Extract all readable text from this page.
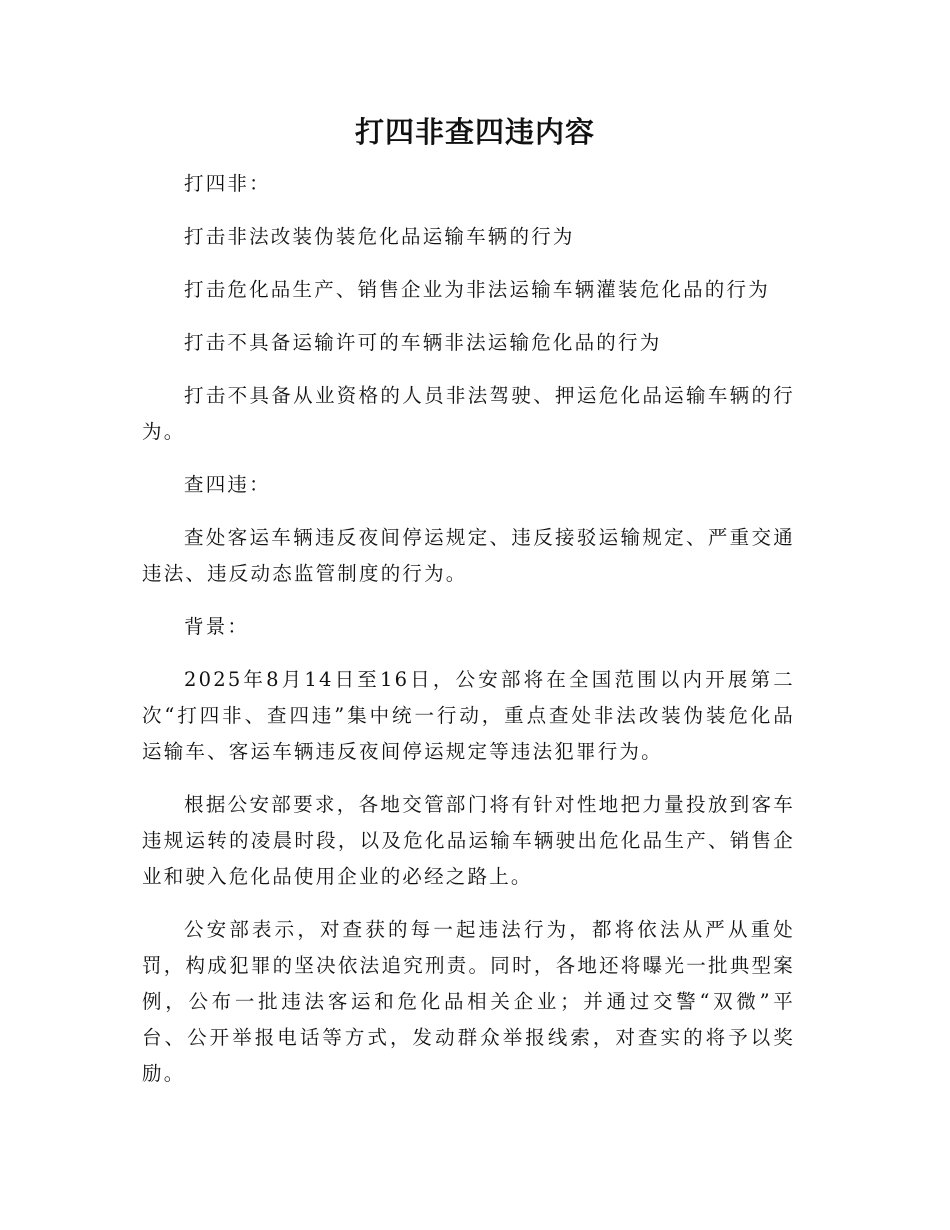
打四非查四违内容

打四非：

打击非法改装伪装危化品运输车辆的行为

打击危化品生产、销售企业为非法运输车辆灌装危化品的行为

打击不具备运输许可的车辆非法运输危化品的行为

打击不具备从业资格的人员非法驾驶、押运危化品运输车辆的行为。

查四违：

查处客运车辆违反夜间停运规定、违反接驳运输规定、严重交通违法、违反动态监管制度的行为。

背景：

2025年8月14日至16日，公安部将在全国范围以内开展第二次“打四非、查四违”集中统一行动，重点查处非法改装伪装危化品运输车、客运车辆违反夜间停运规定等违法犯罪行为。

根据公安部要求，各地交管部门将有针对性地把力量投放到客车违规运转的凌晨时段，以及危化品运输车辆驶出危化品生产、销售企业和驶入危化品使用企业的必经之路上。

公安部表示，对查获的每一起违法行为，都将依法从严从重处罚，构成犯罪的坚决依法追究刑责。同时，各地还将曝光一批典型案例，公布一批违法客运和危化品相关企业；并通过交警“双微”平台、公开举报电话等方式，发动群众举报线索，对查实的将予以奖励。
